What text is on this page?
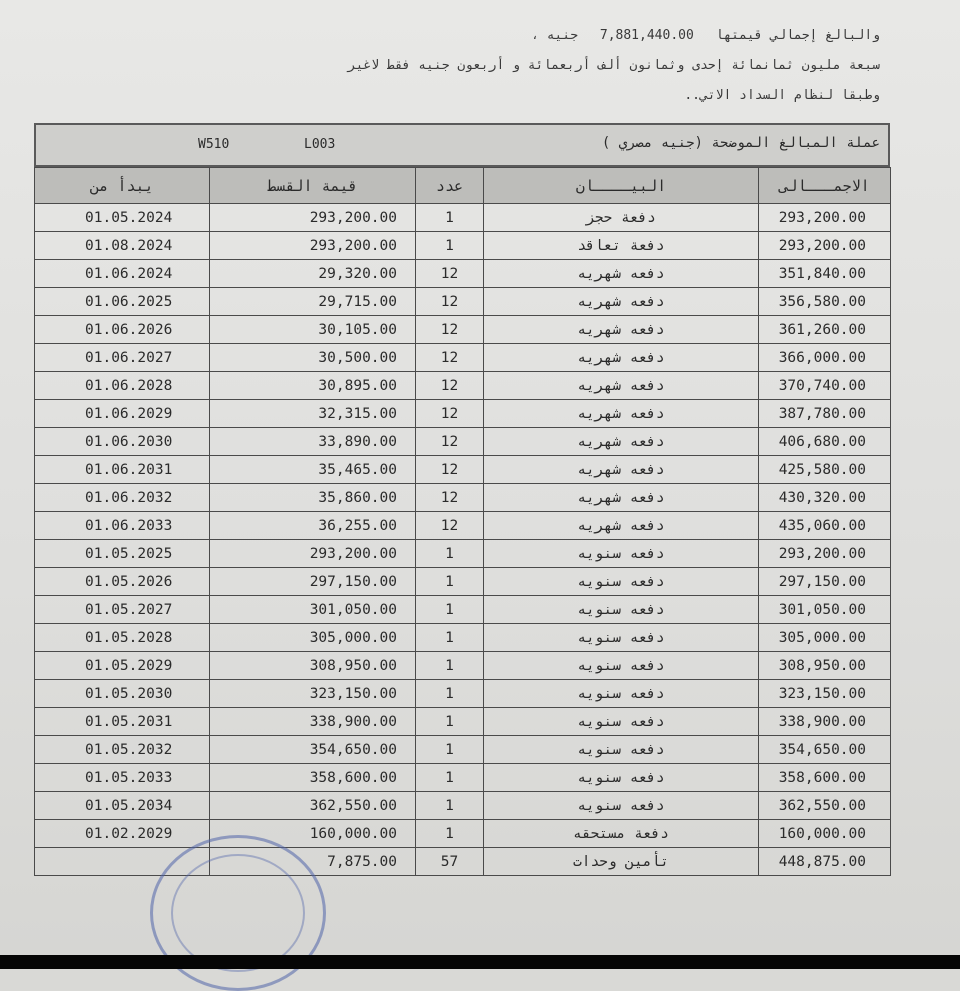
والبالغ إجمالي قيمتها 7,881,440.00 جنيه ،
سبعة مليون ثمانمائة إحدى وثمانون ألف أربعمائة و أربعون جنيه فقط لاغير
وطبقا لنظام السداد الاتي..
W510	L003	عملة المبالغ الموضحة (جنيه مصري )
يبدأ من	قيمة القسط	عدد	البيــــان	الاجمـــالى
01.05.2024	293,200.00	1	دفعة حجز	293,200.00
01.08.2024	293,200.00	1	دفعة تعاقد	293,200.00
01.06.2024	29,320.00	12	دفعه شهريه	351,840.00
01.06.2025	29,715.00	12	دفعه شهريه	356,580.00
01.06.2026	30,105.00	12	دفعه شهريه	361,260.00
01.06.2027	30,500.00	12	دفعه شهريه	366,000.00
01.06.2028	30,895.00	12	دفعه شهريه	370,740.00
01.06.2029	32,315.00	12	دفعه شهريه	387,780.00
01.06.2030	33,890.00	12	دفعه شهريه	406,680.00
01.06.2031	35,465.00	12	دفعه شهريه	425,580.00
01.06.2032	35,860.00	12	دفعه شهريه	430,320.00
01.06.2033	36,255.00	12	دفعه شهريه	435,060.00
01.05.2025	293,200.00	1	دفعه سنويه	293,200.00
01.05.2026	297,150.00	1	دفعه سنويه	297,150.00
01.05.2027	301,050.00	1	دفعه سنويه	301,050.00
01.05.2028	305,000.00	1	دفعه سنويه	305,000.00
01.05.2029	308,950.00	1	دفعه سنويه	308,950.00
01.05.2030	323,150.00	1	دفعه سنويه	323,150.00
01.05.2031	338,900.00	1	دفعه سنويه	338,900.00
01.05.2032	354,650.00	1	دفعه سنويه	354,650.00
01.05.2033	358,600.00	1	دفعه سنويه	358,600.00
01.05.2034	362,550.00	1	دفعه سنويه	362,550.00
01.02.2029	160,000.00	1	دفعة مستحقه	160,000.00
	7,875.00	57	تأمين وحدات	448,875.00
